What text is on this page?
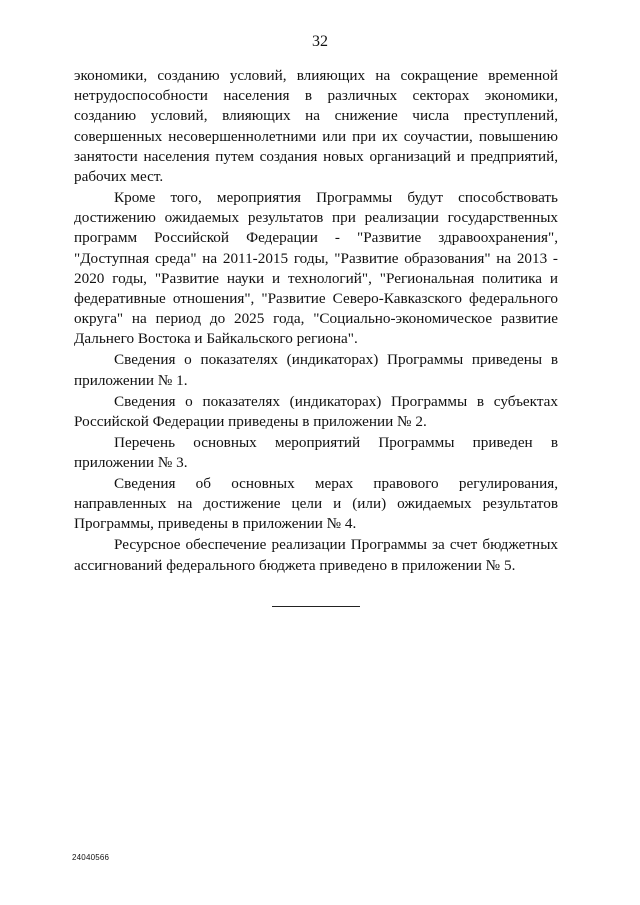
32

экономики, созданию условий, влияющих на сокращение временной нетрудоспособности населения в различных секторах экономики, созданию условий, влияющих на снижение числа преступлений, совершенных несовершеннолетними или при их соучастии, повышению занятости населения путем создания новых организаций и предприятий, рабочих мест.

Кроме того, мероприятия Программы будут способствовать достижению ожидаемых результатов при реализации государственных программ Российской Федерации - "Развитие здравоохранения", "Доступная среда" на 2011-2015 годы, "Развитие образования" на 2013 - 2020 годы, "Развитие науки и технологий", "Региональная политика и федеративные отношения", "Развитие Северо-Кавказского федерального округа" на период до 2025 года, "Социально-экономическое развитие Дальнего Востока и Байкальского региона".

Сведения о показателях (индикаторах) Программы приведены в приложении № 1.

Сведения о показателях (индикаторах) Программы в субъектах Российской Федерации приведены в приложении № 2.

Перечень основных мероприятий Программы приведен в приложении № 3.

Сведения об основных мерах правового регулирования, направленных на достижение цели и (или) ожидаемых результатов Программы, приведены в приложении № 4.

Ресурсное обеспечение реализации Программы за счет бюджетных ассигнований федерального бюджета приведено в приложении № 5.

24040566
